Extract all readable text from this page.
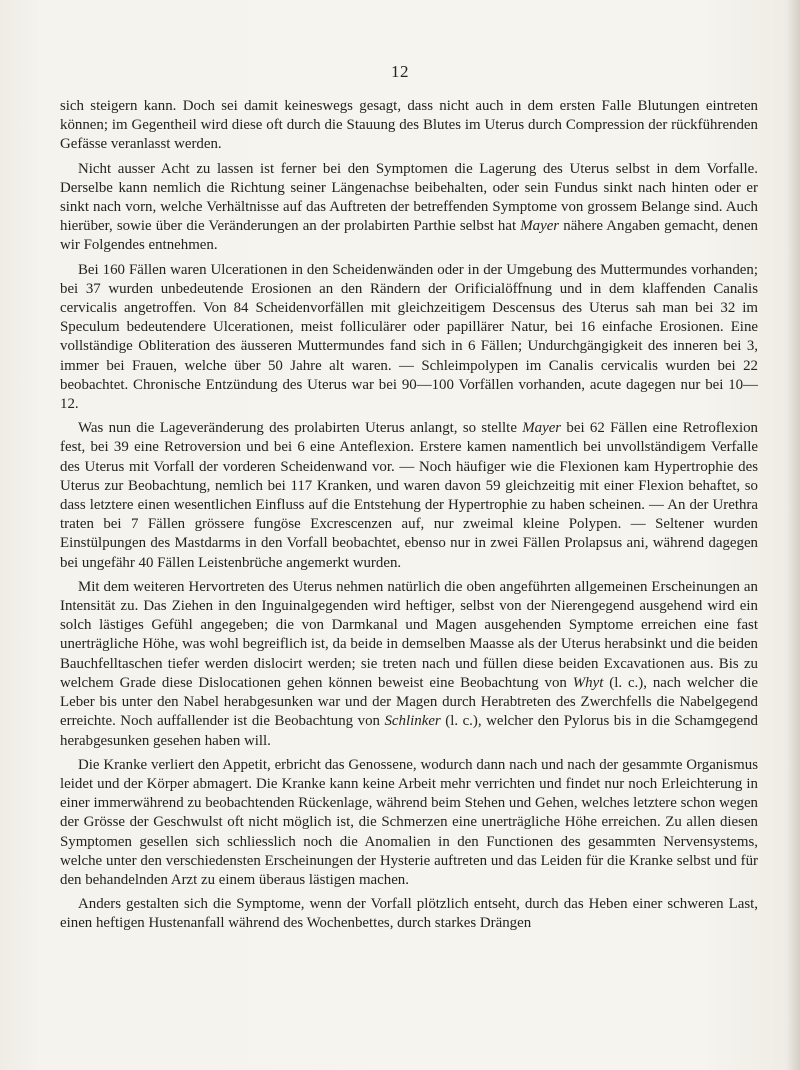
12

sich steigern kann. Doch sei damit keineswegs gesagt, dass nicht auch in dem ersten Falle Blutungen eintreten können; im Gegentheil wird diese oft durch die Stauung des Blutes im Uterus durch Compression der rückführenden Gefässe veranlasst werden.

Nicht ausser Acht zu lassen ist ferner bei den Symptomen die Lagerung des Uterus selbst in dem Vorfalle. Derselbe kann nemlich die Richtung seiner Längenachse beibehalten, oder sein Fundus sinkt nach hinten oder er sinkt nach vorn, welche Verhältnisse auf das Auftreten der betreffenden Symptome von grossem Belange sind. Auch hierüber, sowie über die Veränderungen an der prolabirten Parthie selbst hat Mayer nähere Angaben gemacht, denen wir Folgendes entnehmen.

Bei 160 Fällen waren Ulcerationen in den Scheidenwänden oder in der Umgebung des Muttermundes vorhanden; bei 37 wurden unbedeutende Erosionen an den Rändern der Orificialöffnung und in dem klaffenden Canalis cervicalis angetroffen. Von 84 Scheidenvorfällen mit gleichzeitigem Descensus des Uterus sah man bei 32 im Speculum bedeutendere Ulcerationen, meist folliculärer oder papillärer Natur, bei 16 einfache Erosionen. Eine vollständige Obliteration des äusseren Muttermundes fand sich in 6 Fällen; Undurchgängigkeit des inneren bei 3, immer bei Frauen, welche über 50 Jahre alt waren. — Schleimpolypen im Canalis cervicalis wurden bei 22 beobachtet. Chronische Entzündung des Uterus war bei 90—100 Vorfällen vorhanden, acute dagegen nur bei 10—12.

Was nun die Lageveränderung des prolabirten Uterus anlangt, so stellte Mayer bei 62 Fällen eine Retroflexion fest, bei 39 eine Retroversion und bei 6 eine Anteflexion. Erstere kamen namentlich bei unvollständigem Verfalle des Uterus mit Vorfall der vorderen Scheidenwand vor. — Noch häufiger wie die Flexionen kam Hypertrophie des Uterus zur Beobachtung, nemlich bei 117 Kranken, und waren davon 59 gleichzeitig mit einer Flexion behaftet, so dass letztere einen wesentlichen Einfluss auf die Entstehung der Hypertrophie zu haben scheinen. — An der Urethra traten bei 7 Fällen grössere fungöse Excrescenzen auf, nur zweimal kleine Polypen. — Seltener wurden Einstülpungen des Mastdarms in den Vorfall beobachtet, ebenso nur in zwei Fällen Prolapsus ani, während dagegen bei ungefähr 40 Fällen Leistenbrüche angemerkt wurden.

Mit dem weiteren Hervortreten des Uterus nehmen natürlich die oben angeführten allgemeinen Erscheinungen an Intensität zu. Das Ziehen in den Inguinalgegenden wird heftiger, selbst von der Nierengegend ausgehend wird ein solch lästiges Gefühl angegeben; die von Darmkanal und Magen ausgehenden Symptome erreichen eine fast unerträgliche Höhe, was wohl begreiflich ist, da beide in demselben Maasse als der Uterus herabsinkt und die beiden Bauchfelltaschen tiefer werden dislocirt werden; sie treten nach und füllen diese beiden Excavationen aus. Bis zu welchem Grade diese Dislocationen gehen können beweist eine Beobachtung von Whyt (l. c.), nach welcher die Leber bis unter den Nabel herabgesunken war und der Magen durch Herabtreten des Zwerchfells die Nabelgegend erreichte. Noch auffallender ist die Beobachtung von Schlinker (l. c.), welcher den Pylorus bis in die Schamgegend herabgesunken gesehen haben will.

Die Kranke verliert den Appetit, erbricht das Genossene, wodurch dann nach und nach der gesammte Organismus leidet und der Körper abmagert. Die Kranke kann keine Arbeit mehr verrichten und findet nur noch Erleichterung in einer immerwährend zu beobachtenden Rückenlage, während beim Stehen und Gehen, welches letztere schon wegen der Grösse der Geschwulst oft nicht möglich ist, die Schmerzen eine unerträgliche Höhe erreichen. Zu allen diesen Symptomen gesellen sich schliesslich noch die Anomalien in den Functionen des gesammten Nervensystems, welche unter den verschiedensten Erscheinungen der Hysterie auftreten und das Leiden für die Kranke selbst und für den behandelnden Arzt zu einem überaus lästigen machen.

Anders gestalten sich die Symptome, wenn der Vorfall plötzlich entseht, durch das Heben einer schweren Last, einen heftigen Hustenanfall während des Wochenbettes, durch starkes Drängen
